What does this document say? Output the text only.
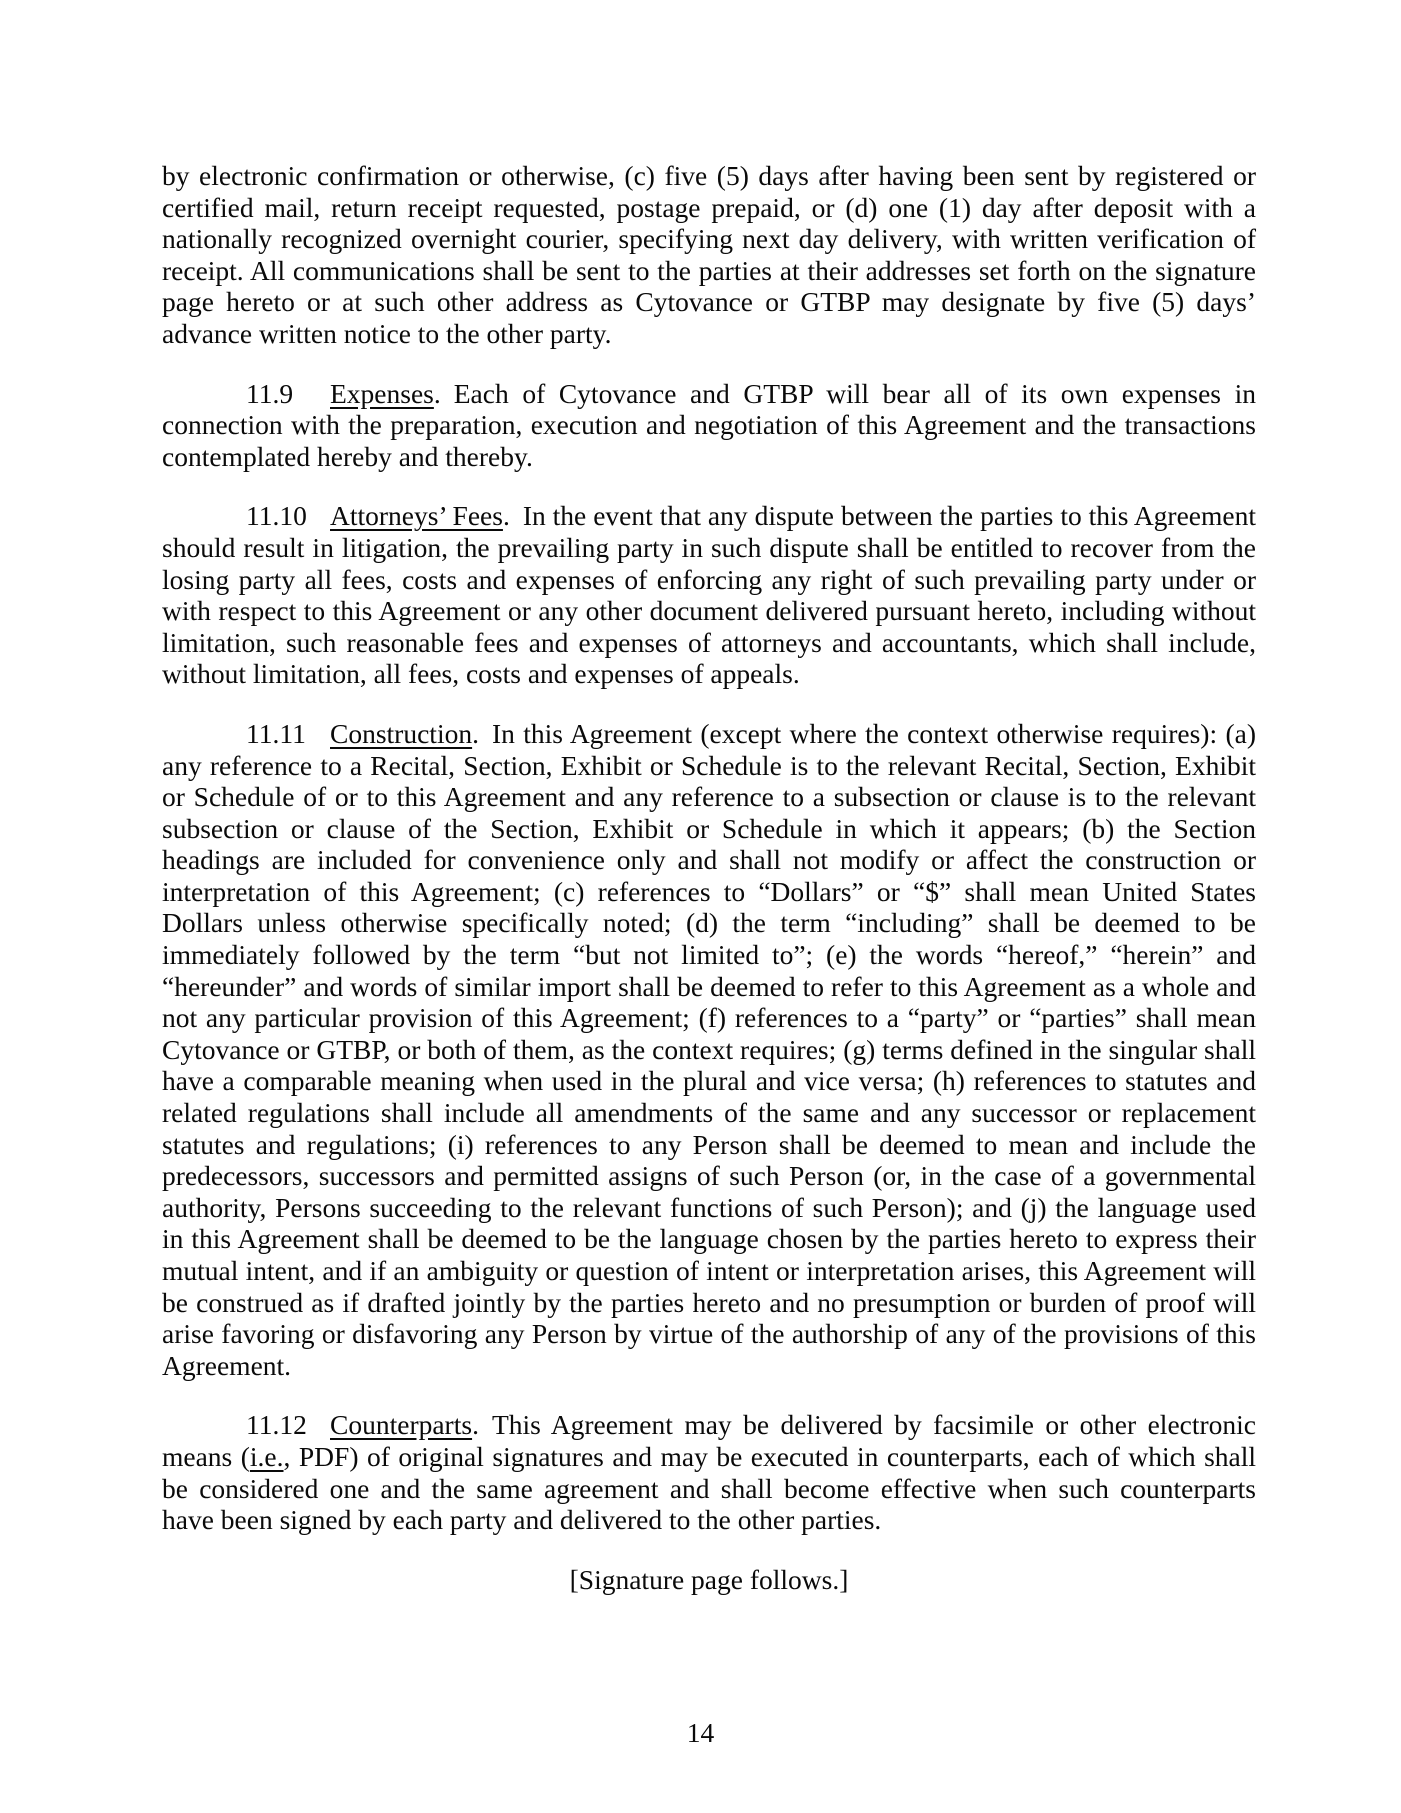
by electronic confirmation or otherwise, (c) five (5) days after having been sent by registered or certified mail, return receipt requested, postage prepaid, or (d) one (1) day after deposit with a nationally recognized overnight courier, specifying next day delivery, with written verification of receipt. All communications shall be sent to the parties at their addresses set forth on the signature page hereto or at such other address as Cytovance or GTBP may designate by five (5) days’ advance written notice to the other party.

11.9 Expenses. Each of Cytovance and GTBP will bear all of its own expenses in connection with the preparation, execution and negotiation of this Agreement and the transactions contemplated hereby and thereby.

11.10 Attorneys’ Fees. In the event that any dispute between the parties to this Agreement should result in litigation, the prevailing party in such dispute shall be entitled to recover from the losing party all fees, costs and expenses of enforcing any right of such prevailing party under or with respect to this Agreement or any other document delivered pursuant hereto, including without limitation, such reasonable fees and expenses of attorneys and accountants, which shall include, without limitation, all fees, costs and expenses of appeals.

11.11 Construction. In this Agreement (except where the context otherwise requires): (a) any reference to a Recital, Section, Exhibit or Schedule is to the relevant Recital, Section, Exhibit or Schedule of or to this Agreement and any reference to a subsection or clause is to the relevant subsection or clause of the Section, Exhibit or Schedule in which it appears; (b) the Section headings are included for convenience only and shall not modify or affect the construction or interpretation of this Agreement; (c) references to “Dollars” or “$” shall mean United States Dollars unless otherwise specifically noted; (d) the term “including” shall be deemed to be immediately followed by the term “but not limited to”; (e) the words “hereof,” “herein” and “hereunder” and words of similar import shall be deemed to refer to this Agreement as a whole and not any particular provision of this Agreement; (f) references to a “party” or “parties” shall mean Cytovance or GTBP, or both of them, as the context requires; (g) terms defined in the singular shall have a comparable meaning when used in the plural and vice versa; (h) references to statutes and related regulations shall include all amendments of the same and any successor or replacement statutes and regulations; (i) references to any Person shall be deemed to mean and include the predecessors, successors and permitted assigns of such Person (or, in the case of a governmental authority, Persons succeeding to the relevant functions of such Person); and (j) the language used in this Agreement shall be deemed to be the language chosen by the parties hereto to express their mutual intent, and if an ambiguity or question of intent or interpretation arises, this Agreement will be construed as if drafted jointly by the parties hereto and no presumption or burden of proof will arise favoring or disfavoring any Person by virtue of the authorship of any of the provisions of this Agreement.

11.12 Counterparts. This Agreement may be delivered by facsimile or other electronic means (i.e., PDF) of original signatures and may be executed in counterparts, each of which shall be considered one and the same agreement and shall become effective when such counterparts have been signed by each party and delivered to the other parties.

[Signature page follows.]

14
